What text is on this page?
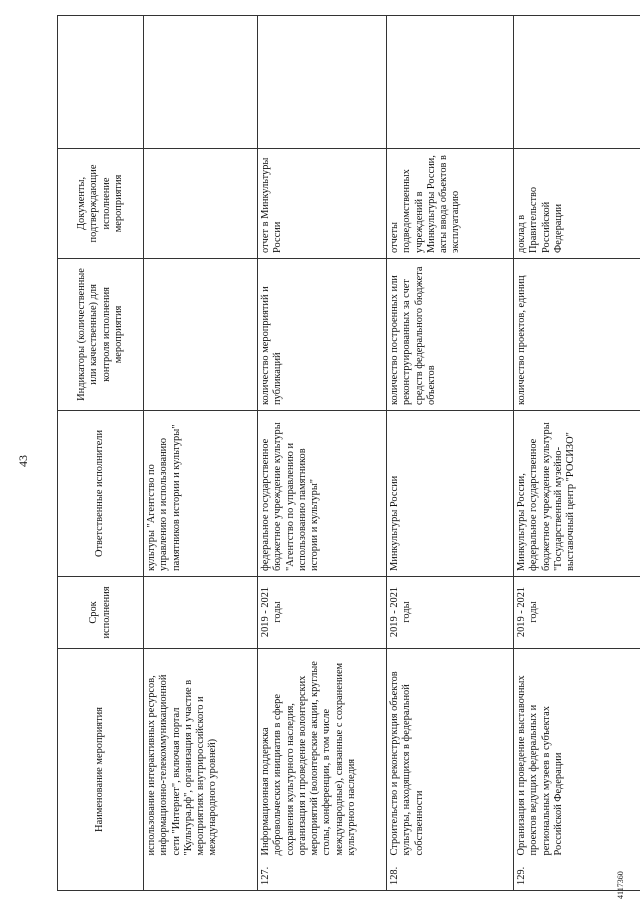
43
Наименование мероприятия		Срок исполнения	Ответственные исполнители	Индикаторы (количественные или качественные) для контроля исполнения мероприятия	Документы, подтверждающие исполнение мероприятия	
	использование интерактивных ресурсов, информационно-телекоммуникационной сети "Интернет", включая портал "Культура.рф", организация и участие в мероприятиях внутрироссийского и международного уровней)		культуры "Агентство по управлению и использованию памятников истории и культуры"			
127.	Информационная поддержка добровольческих инициатив в сфере сохранения культурного наследия, организация и проведение волонтерских мероприятий (волонтерские акции, круглые столы, конференции, в том числе международные), связанные с сохранением культурного наследия	2019 - 2021 годы	федеральное государственное бюджетное учреждение культуры "Агентство по управлению и использованию памятников истории и культуры"	количество мероприятий и публикаций	отчет в Минкультуры России	
128.	Строительство и реконструкция объектов культуры, находящихся в федеральной собственности	2019 - 2021 годы	Минкультуры России	количество построенных или реконструированных за счет средств федерального бюджета объектов	отчеты подведомственных учреждений в Минкультуры России, акты ввода объектов в эксплуатацию	
129.	Организация и проведение выставочных проектов ведущих федеральных и региональных музеев в субъектах Российской Федерации	2019 - 2021 годы	Минкультуры России, федеральное государственное бюджетное учреждение культуры "Государственный музейно-выставочный центр "РОСИЗО"	количество проектов, единиц	доклад в Правительство Российской Федерации	
4117360
